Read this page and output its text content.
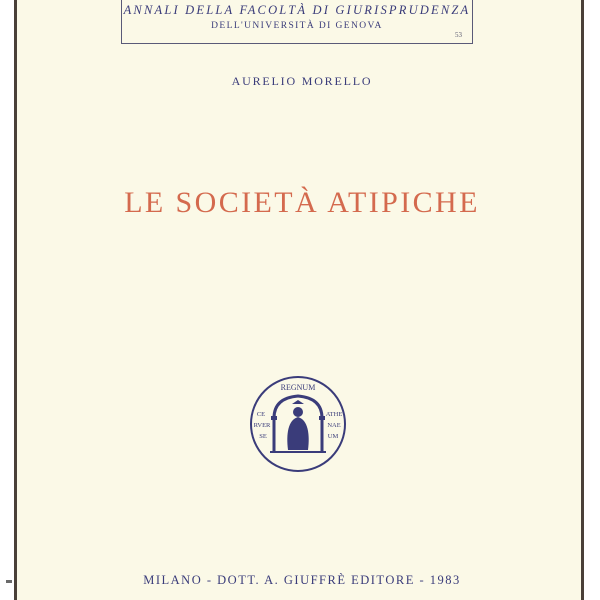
ANNALI DELLA FACOLTÀ DI GIURISPRUDENZA
DELL'UNIVERSITÀ DI GENOVA
53
AURELIO MORELLO
LE SOCIETÀ ATIPICHE
REGNUM
CE
RVER
SE
ATHE
NAE
UM
MILANO - DOTT. A. GIUFFRÈ EDITORE - 1983
